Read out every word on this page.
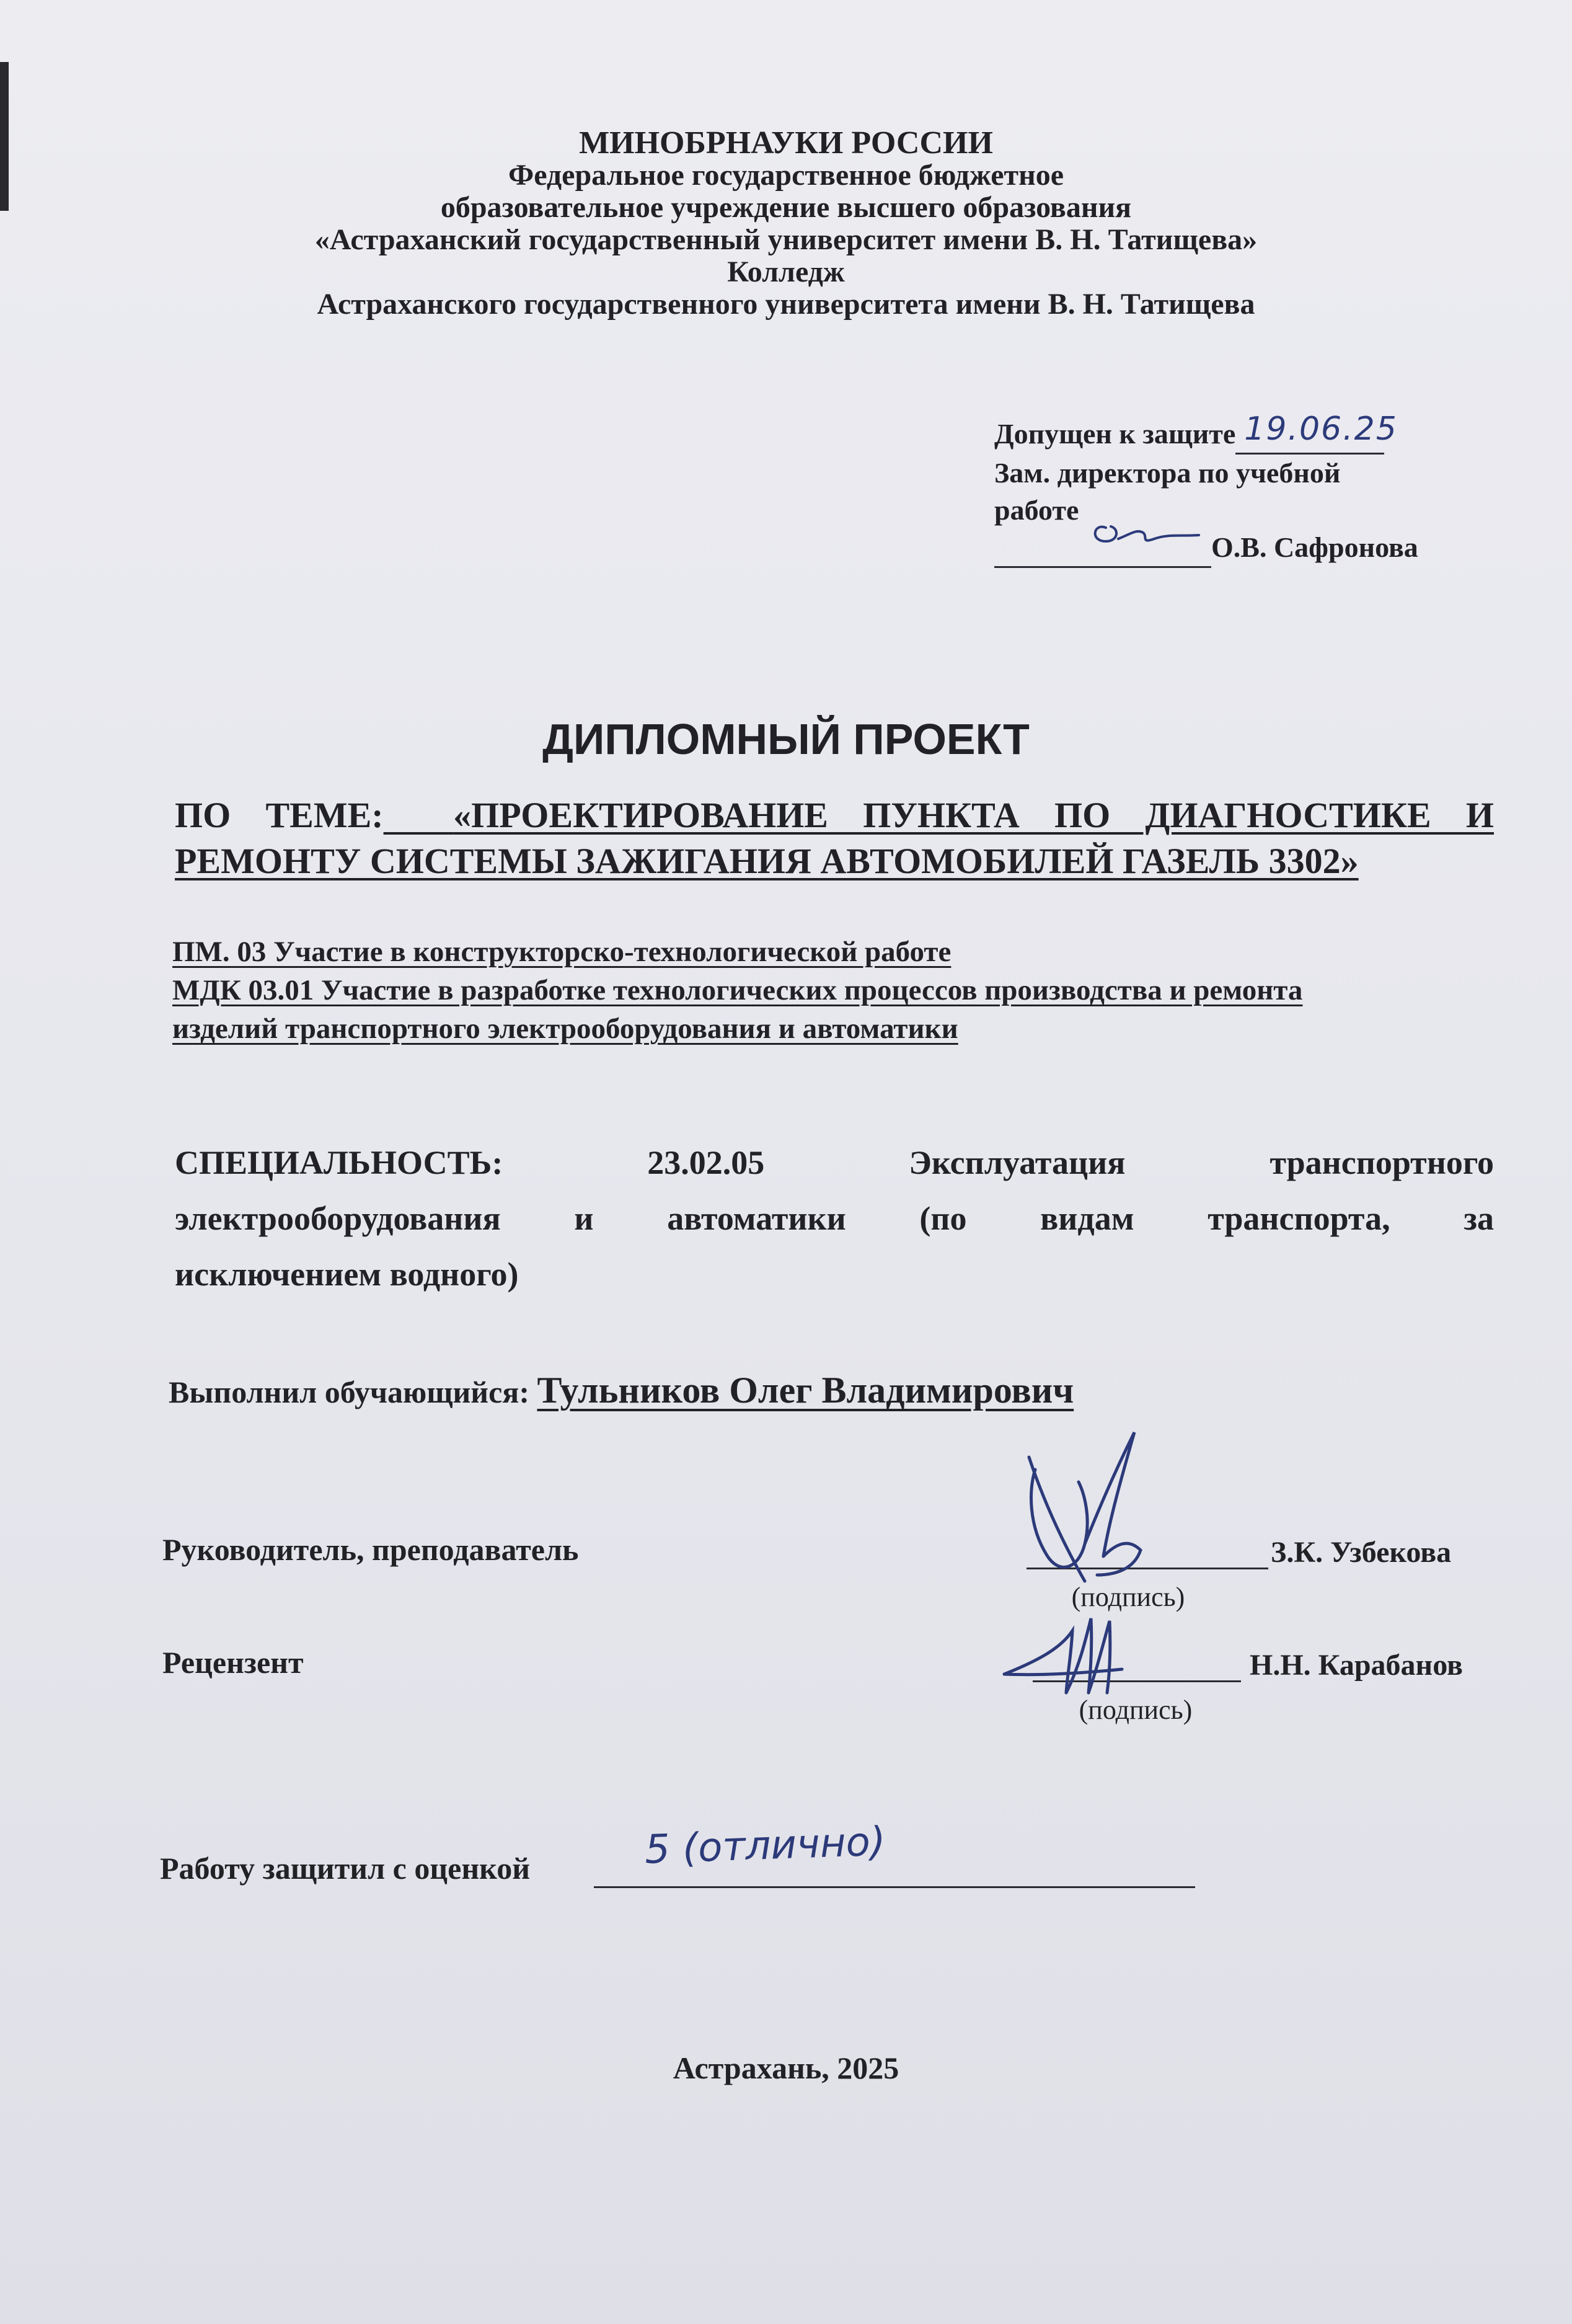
МИНОБРНАУКИ РОССИИ
Федеральное государственное бюджетное
образовательное учреждение высшего образования
«Астраханский государственный университет имени В. Н. Татищева»
Колледж
Астраханского государственного университета имени В. Н. Татищева
Допущен к защите 19.06.25

Зам. директора по учебной
работе
О.В. Сафронова
ДИПЛОМНЫЙ ПРОЕКТ
ПО ТЕМЕ: «ПРОЕКТИРОВАНИЕ ПУНКТА ПО ДИАГНОСТИКЕ И
РЕМОНТУ СИСТЕМЫ ЗАЖИГАНИЯ АВТОМОБИЛЕЙ ГАЗЕЛЬ 3302»
ПМ. 03 Участие в конструкторско-технологической работе
МДК 03.01 Участие в разработке технологических процессов производства и ремонта
изделий транспортного электрооборудования и автоматики
СПЕЦИАЛЬНОСТЬ: 23.02.05 Эксплуатация транспортного
электрооборудования и автоматики (по видам транспорта, за
исключением водного)
Выполнил обучающийся: Тульников Олег Владимирович
Руководитель, преподаватель	З.К. Узбекова
(подпись)
Рецензент	Н.Н. Карабанов
(подпись)
Работу защитил с оценкой	5 (отлично)
Астрахань, 2025
